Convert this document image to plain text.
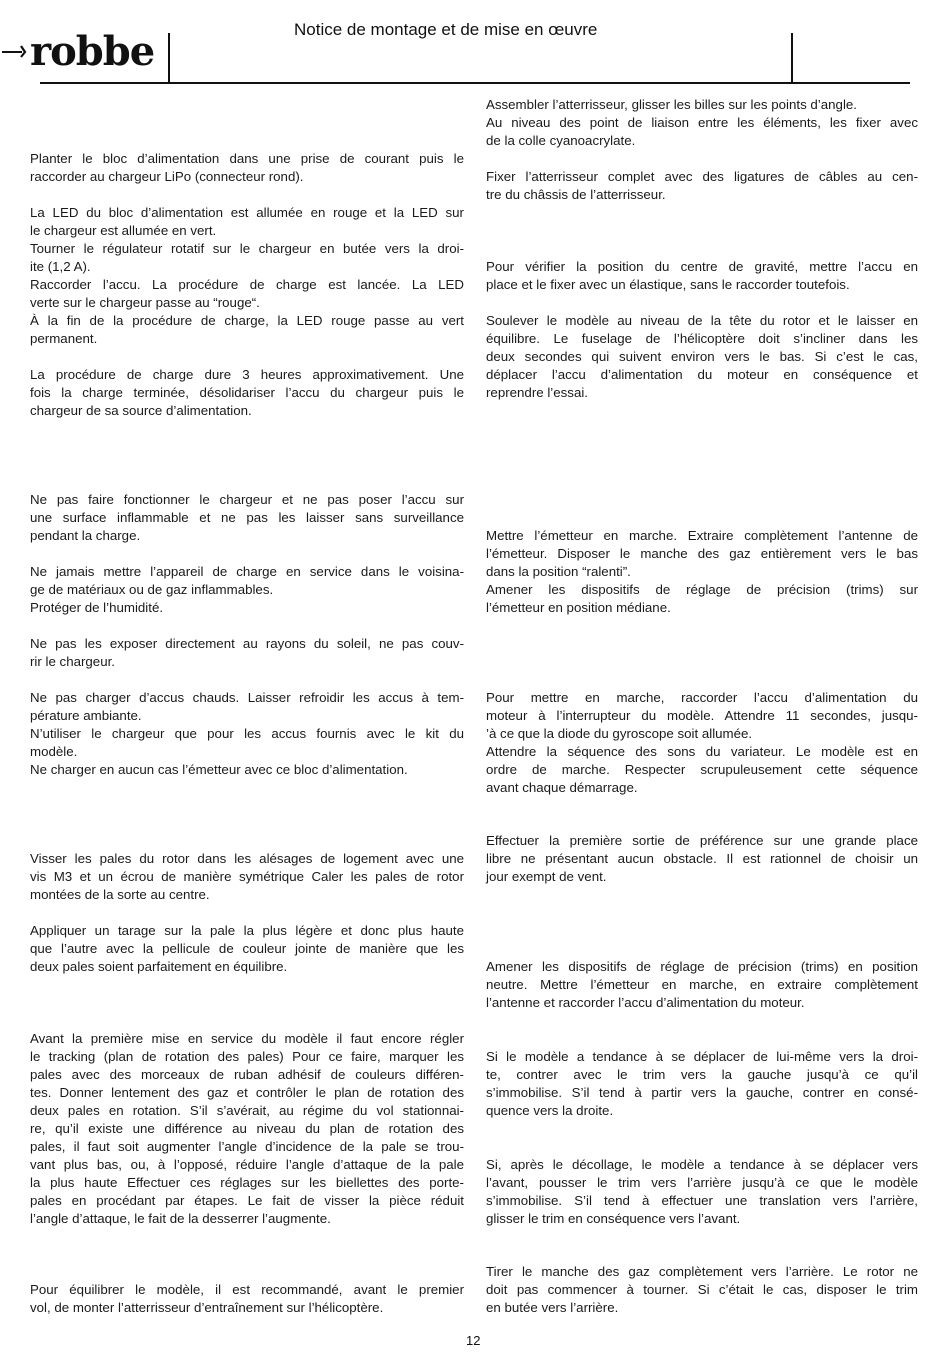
robbe	Notice de montage et de mise en œuvre
Planter le bloc d’alimentation dans une prise de courant puis le
raccorder au chargeur LiPo (connecteur rond).
La LED du bloc d’alimentation est allumée en rouge et la LED sur
le chargeur est allumée en vert.
Tourner le régulateur rotatif sur le chargeur en butée vers la droi-
ite (1,2 A).
Raccorder l’accu. La procédure de charge est lancée. La LED
verte sur le chargeur passe au “rouge“.
À la fin de la procédure de charge, la LED rouge passe au vert
permanent.
La procédure de charge dure 3 heures approximativement. Une
fois la charge terminée, désolidariser l’accu du chargeur puis le
chargeur de sa source d’alimentation.
Ne pas faire fonctionner le chargeur et ne pas poser l’accu sur
une surface inflammable et ne pas les laisser sans surveillance
pendant la charge.
Ne jamais mettre l’appareil de charge en service dans le voisina-
ge de matériaux ou de gaz inflammables.
Protéger de l’humidité.
Ne pas les exposer directement au rayons du soleil, ne pas couv-
rir le chargeur.
Ne pas charger d’accus chauds. Laisser refroidir les accus à tem-
pérature ambiante.
N’utiliser le chargeur que pour les accus fournis avec le kit du
modèle.
Ne charger en aucun cas l’émetteur avec ce bloc d’alimentation.
Visser les pales du rotor dans les alésages de logement avec une
vis M3 et un écrou de manière symétrique Caler les pales de rotor
montées de la sorte au centre.
Appliquer un tarage sur la pale la plus légère et donc plus haute
que l’autre avec la pellicule de couleur jointe de manière que les
deux pales soient parfaitement en équilibre.
Avant la première mise en service du modèle il faut encore régler
le tracking (plan de rotation des pales) Pour ce faire, marquer les
pales avec des morceaux de ruban adhésif de couleurs différen-
tes. Donner lentement des gaz et contrôler le plan de rotation des
deux pales en rotation. S’il s’avérait, au régime du vol stationnai-
re, qu’il existe une différence au niveau du plan de rotation des
pales, il faut soit augmenter l’angle d’incidence de la pale se trou-
vant plus bas, ou, à l’opposé, réduire l’angle d’attaque de la pale
la plus haute Effectuer ces réglages sur les biellettes des porte-
pales en procédant par étapes. Le fait de visser la pièce réduit
l’angle d’attaque, le fait de la desserrer l’augmente.
Pour équilibrer le modèle, il est recommandé, avant le premier
vol, de monter l’atterrisseur d’entraînement sur l’hélicoptère.
Assembler l’atterrisseur, glisser les billes sur les points d’angle.
Au niveau des point de liaison entre les éléments, les fixer avec
de la colle cyanoacrylate.
Fixer l’atterrisseur complet avec des ligatures de câbles au cen-
tre du châssis de l’atterrisseur.
Pour vérifier la position du centre de gravité, mettre l’accu en
place et le fixer avec un élastique, sans le raccorder toutefois.
Soulever le modèle au niveau de la tête du rotor et le laisser en
équilibre. Le fuselage de l’hélicoptère doit s’incliner dans les
deux secondes qui suivent environ vers le bas. Si c’est le cas,
déplacer l’accu d’alimentation du moteur en conséquence et
reprendre l’essai.
Mettre l’émetteur en marche. Extraire complètement l’antenne de
l’émetteur. Disposer le manche des gaz entièrement vers le bas
dans la position “ralenti”.
Amener les dispositifs de réglage de précision (trims) sur
l’émetteur en position médiane.
Pour mettre en marche, raccorder l’accu d’alimentation du
moteur à l’interrupteur du modèle. Attendre 11 secondes, jusqu-
’à ce que la diode du gyroscope soit allumée.
Attendre la séquence des sons du variateur. Le modèle est en
ordre de marche. Respecter scrupuleusement cette séquence
avant chaque démarrage.
Effectuer la première sortie de préférence sur une grande place
libre ne présentant aucun obstacle. Il est rationnel de choisir un
jour exempt de vent.
Amener les dispositifs de réglage de précision (trims) en position
neutre. Mettre l’émetteur en marche, en extraire complètement
l’antenne et raccorder l’accu d’alimentation du moteur.
Si le modèle a tendance à se déplacer de lui-même vers la droi-
te, contrer avec le trim vers la gauche jusqu’à ce qu’il
s’immobilise. S’il tend à partir vers la gauche, contrer en consé-
quence vers la droite.
Si, après le décollage, le modèle a tendance à se déplacer vers
l’avant, pousser le trim vers l’arrière jusqu’à ce que le modèle
s’immobilise. S’il tend à effectuer une translation vers l’arrière,
glisser le trim en conséquence vers l’avant.
Tirer le manche des gaz complètement vers l’arrière. Le rotor ne
doit pas commencer à tourner. Si c’était le cas, disposer le trim
en butée vers l’arrière.
12
